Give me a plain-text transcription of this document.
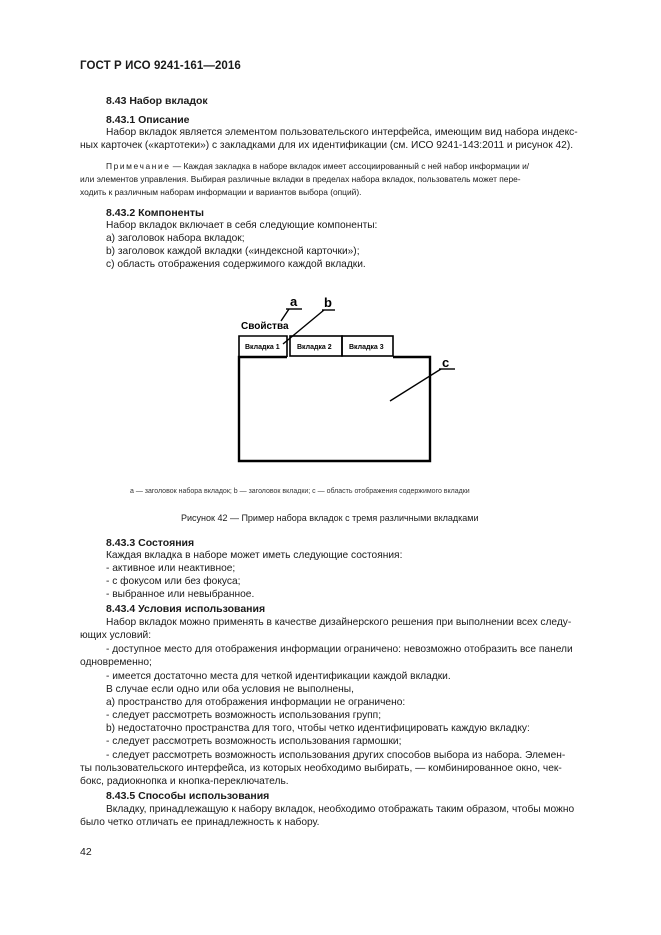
ГОСТ Р ИСО 9241-161—2016
8.43 Набор вкладок
8.43.1 Описание
Набор вкладок является элементом пользовательского интерфейса, имеющим вид набора индекс-
ных карточек («картотеки») с закладками для их идентификации (см. ИСО 9241-143:2011 и рисунок 42).
Примечание — Каждая закладка в наборе вкладок имеет ассоциированный с ней набор информации и/
или элементов управления. Выбирая различные вкладки в пределах набора вкладок, пользователь может пере-
ходить к различным наборам информации и вариантов выбора (опций).
8.43.2 Компоненты
Набор вкладок включает в себя следующие компоненты:
a) заголовок набора вкладок;
b) заголовок каждой вкладки («индексной карточки»);
c) область отображения содержимого каждой вкладки.
Вкладка 1 Вкладка 2 Вкладка 3
Свойства
a b
c
a — заголовок набора вкладок; b — заголовок вкладки; c — область отображения содержимого вкладки
Рисунок 42 — Пример набора вкладок с тремя различными вкладками
8.43.3 Состояния
Каждая вкладка в наборе может иметь следующие состояния:
- активное или неактивное;
- с фокусом или без фокуса;
- выбранное или невыбранное.
8.43.4 Условия использования
Набор вкладок можно применять в качестве дизайнерского решения при выполнении всех следу-
ющих условий:
- доступное место для отображения информации ограничено: невозможно отобразить все панели
одновременно;
- имеется достаточно места для четкой идентификации каждой вкладки.
В случае если одно или оба условия не выполнены,
a) пространство для отображения информации не ограничено:
- следует рассмотреть возможность использования групп;
b) недостаточно пространства для того, чтобы четко идентифицировать каждую вкладку:
- следует рассмотреть возможность использования гармошки;
- следует рассмотреть возможность использования других способов выбора из набора. Элемен-
ты пользовательского интерфейса, из которых необходимо выбирать, — комбинированное окно, чек-
бокс, радиокнопка и кнопка-переключатель.
8.43.5 Способы использования
Вкладку, принадлежащую к набору вкладок, необходимо отображать таким образом, чтобы можно
было четко отличать ее принадлежность к набору.
42
